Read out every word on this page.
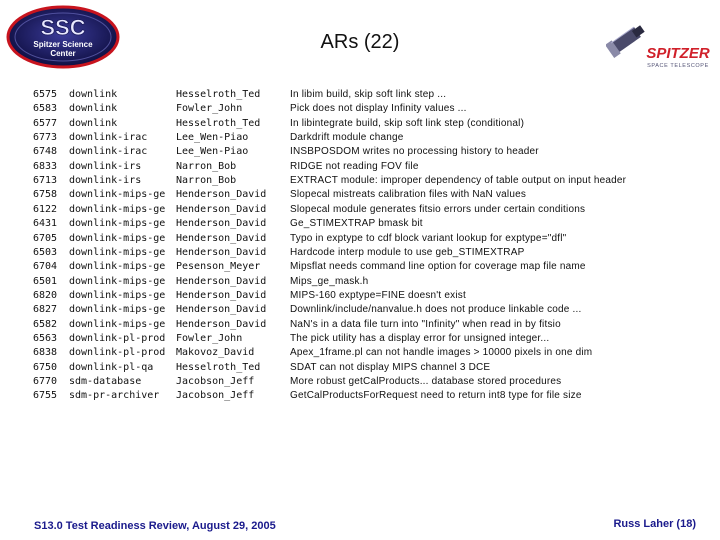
SSC
Spitzer Science
Center
ARs (22)
SPITZER
SPACE TELESCOPE
6575	downlink	Hesselroth_Ted	In libim build, skip soft link step ...
6583	downlink	Fowler_John	Pick does not display Infinity values ...
6577	downlink	Hesselroth_Ted	In libintegrate build, skip soft link step (conditional)
6773	downlink-irac	Lee_Wen-Piao	Darkdrift module change
6748	downlink-irac	Lee_Wen-Piao	INSBPOSDOM writes no processing history to header
6833	downlink-irs	Narron_Bob	RIDGE not reading FOV file
6713	downlink-irs	Narron_Bob	EXTRACT module: improper dependency of table output on input header
6758	downlink-mips-ge	Henderson_David	Slopecal mistreats calibration files with NaN values
6122	downlink-mips-ge	Henderson_David	Slopecal module generates fitsio errors under certain conditions
6431	downlink-mips-ge	Henderson_David	Ge_STIMEXTRAP bmask bit
6705	downlink-mips-ge	Henderson_David	Typo in exptype to cdf block variant lookup for exptype="dfl"
6503	downlink-mips-ge	Henderson_David	Hardcode interp module to use geb_STIMEXTRAP
6704	downlink-mips-ge	Pesenson_Meyer	Mipsflat needs command line option for coverage map file name
6501	downlink-mips-ge	Henderson_David	Mips_ge_mask.h
6820	downlink-mips-ge	Henderson_David	MIPS-160 exptype=FINE doesn't exist
6827	downlink-mips-ge	Henderson_David	Downlink/include/nanvalue.h does not produce linkable code ...
6582	downlink-mips-ge	Henderson_David	NaN's in a data file turn into "Infinity" when read in by fitsio
6563	downlink-pl-prod	Fowler_John	The pick utility has a display error for unsigned integer...
6838	downlink-pl-prod	Makovoz_David	Apex_1frame.pl can not handle images > 10000 pixels in one dim
6750	downlink-pl-qa	Hesselroth_Ted	SDAT can not display MIPS channel 3 DCE
6770	sdm-database	Jacobson_Jeff	More robust getCalProducts... database stored procedures
6755	sdm-pr-archiver	Jacobson_Jeff	GetCalProductsForRequest need to return int8 type for file size
S13.0 Test Readiness Review, August 29, 2005	Russ Laher (18)
